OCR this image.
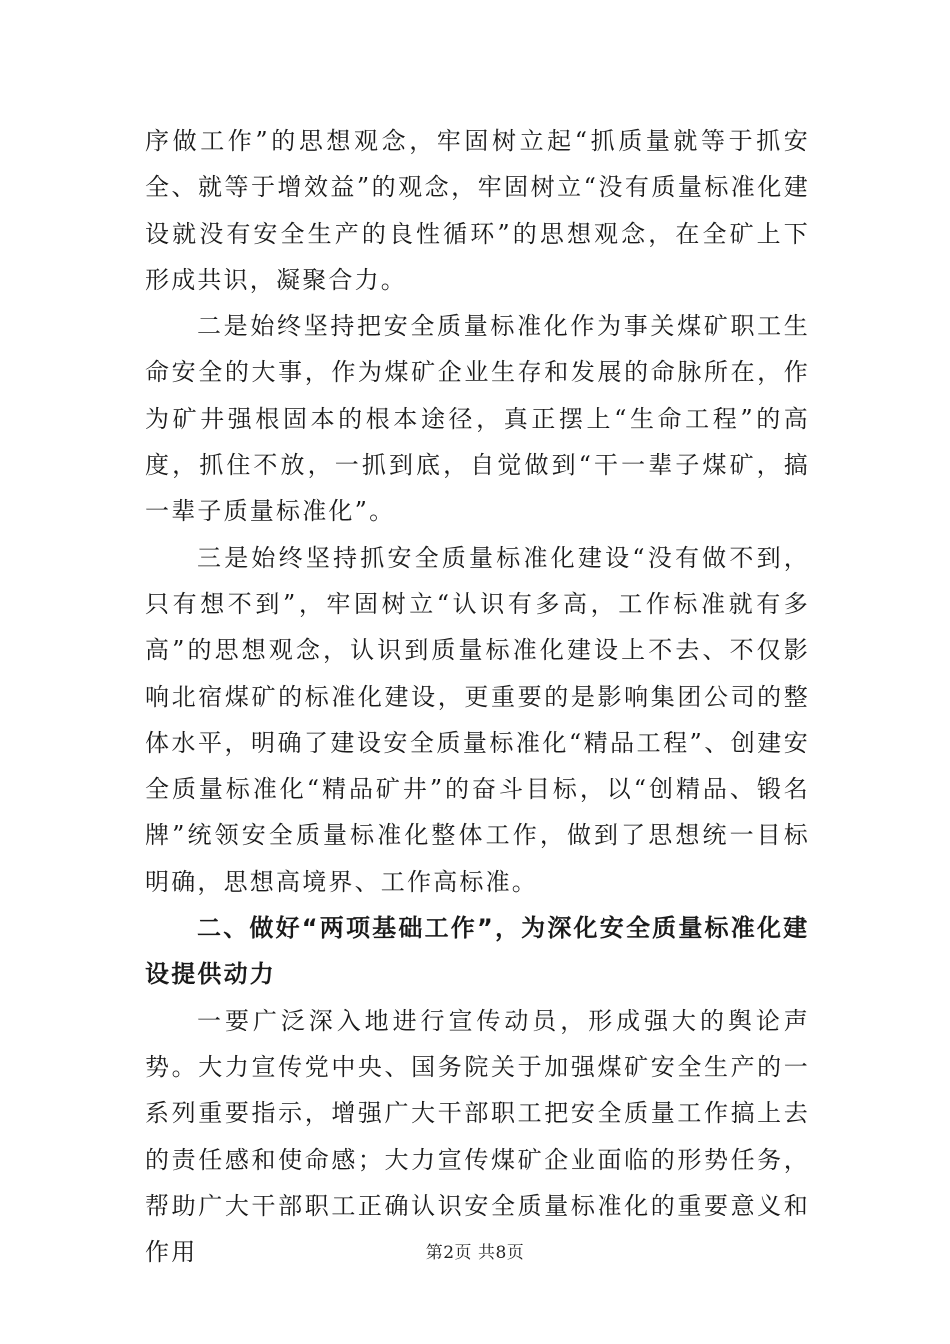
序做工作”的思想观念，牢固树立起“抓质量就等于抓安全、就等于增效益”的观念，牢固树立“没有质量标准化建设就没有安全生产的良性循环”的思想观念，在全矿上下形成共识，凝聚合力。

二是始终坚持把安全质量标准化作为事关煤矿职工生命安全的大事，作为煤矿企业生存和发展的命脉所在，作为矿井强根固本的根本途径，真正摆上“生命工程”的高度，抓住不放，一抓到底，自觉做到“干一辈子煤矿，搞一辈子质量标准化”。

三是始终坚持抓安全质量标准化建设“没有做不到，只有想不到”，牢固树立“认识有多高，工作标准就有多高”的思想观念，认识到质量标准化建设上不去、不仅影响北宿煤矿的标准化建设，更重要的是影响集团公司的整体水平，明确了建设安全质量标准化“精品工程”、创建安全质量标准化“精品矿井”的奋斗目标，以“创精品、锻名牌”统领安全质量标准化整体工作，做到了思想统一目标明确，思想高境界、工作高标准。

二、做好“两项基础工作”，为深化安全质量标准化建设提供动力

一要广泛深入地进行宣传动员，形成强大的舆论声势。大力宣传党中央、国务院关于加强煤矿安全生产的一系列重要指示，增强广大干部职工把安全质量工作搞上去的责任感和使命感；大力宣传煤矿企业面临的形势任务，帮助广大干部职工正确认识安全质量标准化的重要意义和作用	第2页 共8页
